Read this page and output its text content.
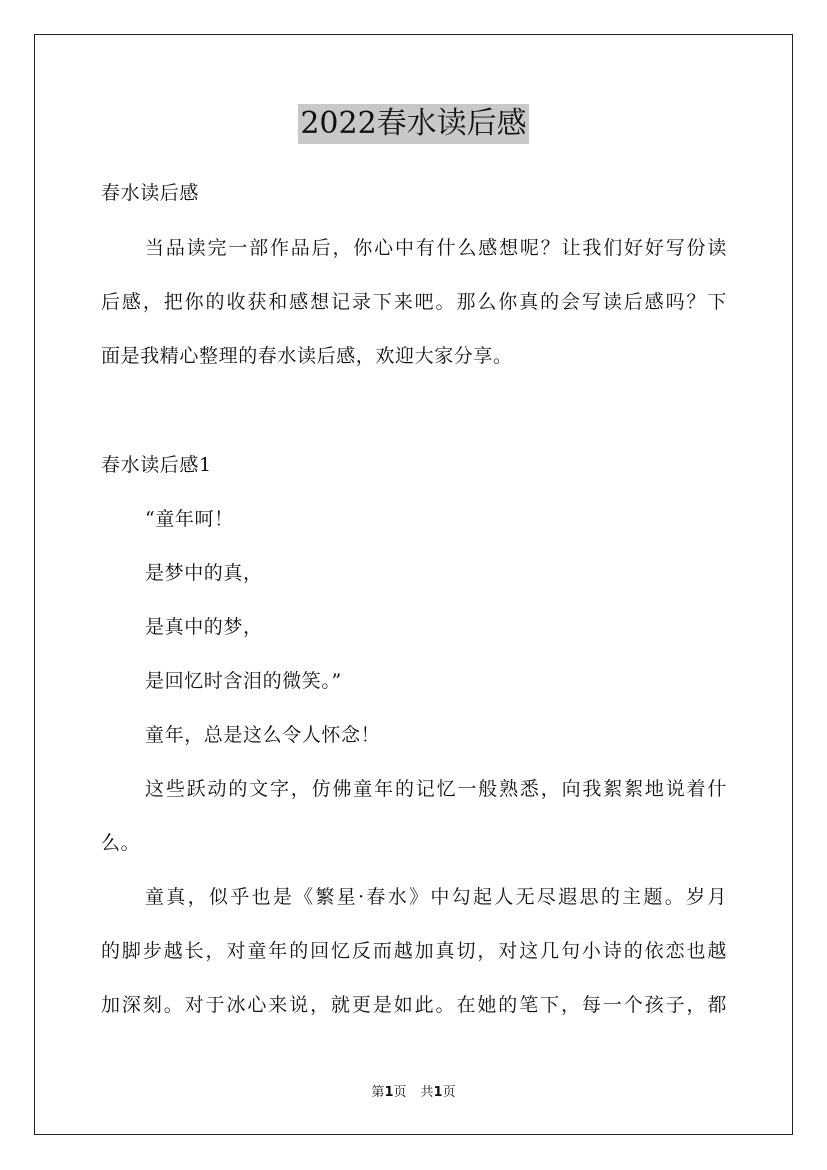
2022春水读后感
春水读后感
当品读完一部作品后，你心中有什么感想呢？让我们好好写份读
后感，把你的收获和感想记录下来吧。那么你真的会写读后感吗？下
面是我精心整理的春水读后感，欢迎大家分享。
春水读后感1
“童年呵！
是梦中的真，
是真中的梦，
是回忆时含泪的微笑。”
童年，总是这么令人怀念！
这些跃动的文字，仿佛童年的记忆一般熟悉，向我絮絮地说着什
么。
童真，似乎也是《繁星·春水》中勾起人无尽遐思的主题。岁月
的脚步越长，对童年的回忆反而越加真切，对这几句小诗的依恋也越
加深刻。对于冰心来说，就更是如此。在她的笔下，每一个孩子，都
第1页 共1页
